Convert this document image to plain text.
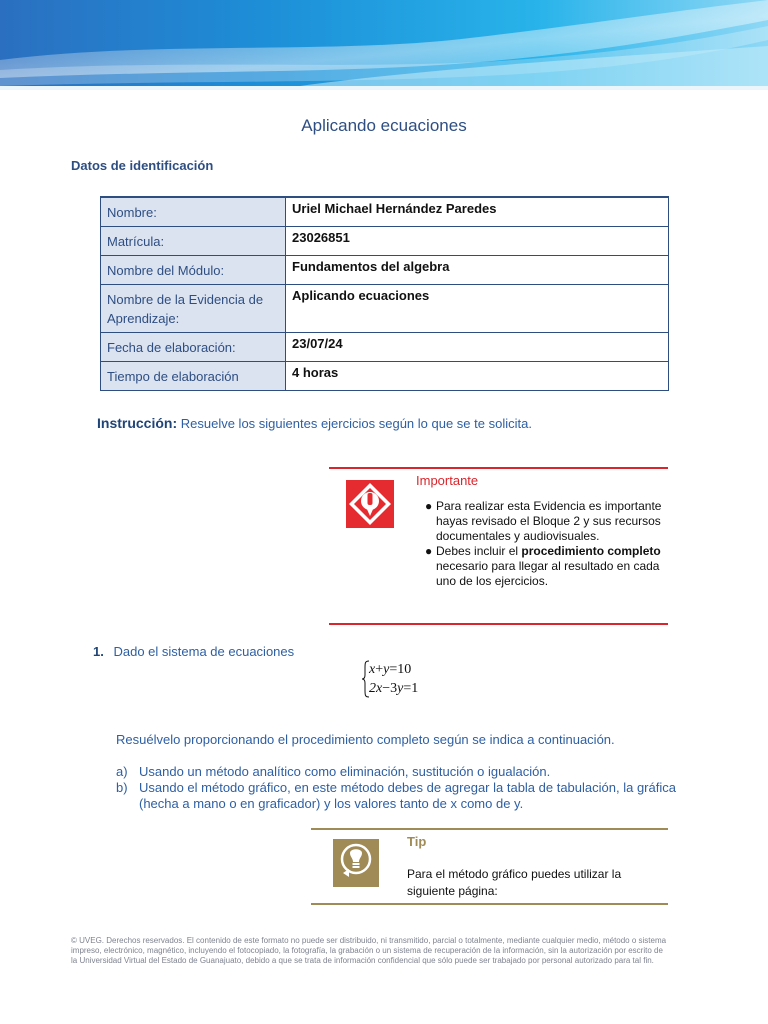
Aplicando ecuaciones
Datos de identificación
Nombre:	Uriel Michael Hernández Paredes
Matrícula:	23026851
Nombre del Módulo:	Fundamentos del algebra
Nombre de la Evidencia de Aprendizaje:	Aplicando ecuaciones
Fecha de elaboración:	23/07/24
Tiempo de elaboración	4 horas
Instrucción: Resuelve los siguientes ejercicios según lo que se te solicita.
Importante
● Para realizar esta Evidencia es importante hayas revisado el Bloque 2 y sus recursos documentales y audiovisuales.
● Debes incluir el procedimiento completo necesario para llegar al resultado en cada uno de los ejercicios.
1. Dado el sistema de ecuaciones
x+y=10
2x−3y=1
Resuélvelo proporcionando el procedimiento completo según se indica a continuación.
a) Usando un método analítico como eliminación, sustitución o igualación.
b) Usando el método gráfico, en este método debes de agregar la tabla de tabulación, la gráfica (hecha a mano o en graficador) y los valores tanto de x como de y.
Tip
Para el método gráfico puedes utilizar la siguiente página:
© UVEG. Derechos reservados. El contenido de este formato no puede ser distribuido, ni transmitido, parcial o totalmente, mediante cualquier medio, método o sistema impreso, electrónico, magnético, incluyendo el fotocopiado, la fotografía, la grabación o un sistema de recuperación de la información, sin la autorización por escrito de la Universidad Virtual del Estado de Guanajuato, debido a que se trata de información confidencial que sólo puede ser trabajado por personal autorizado para tal fin.
